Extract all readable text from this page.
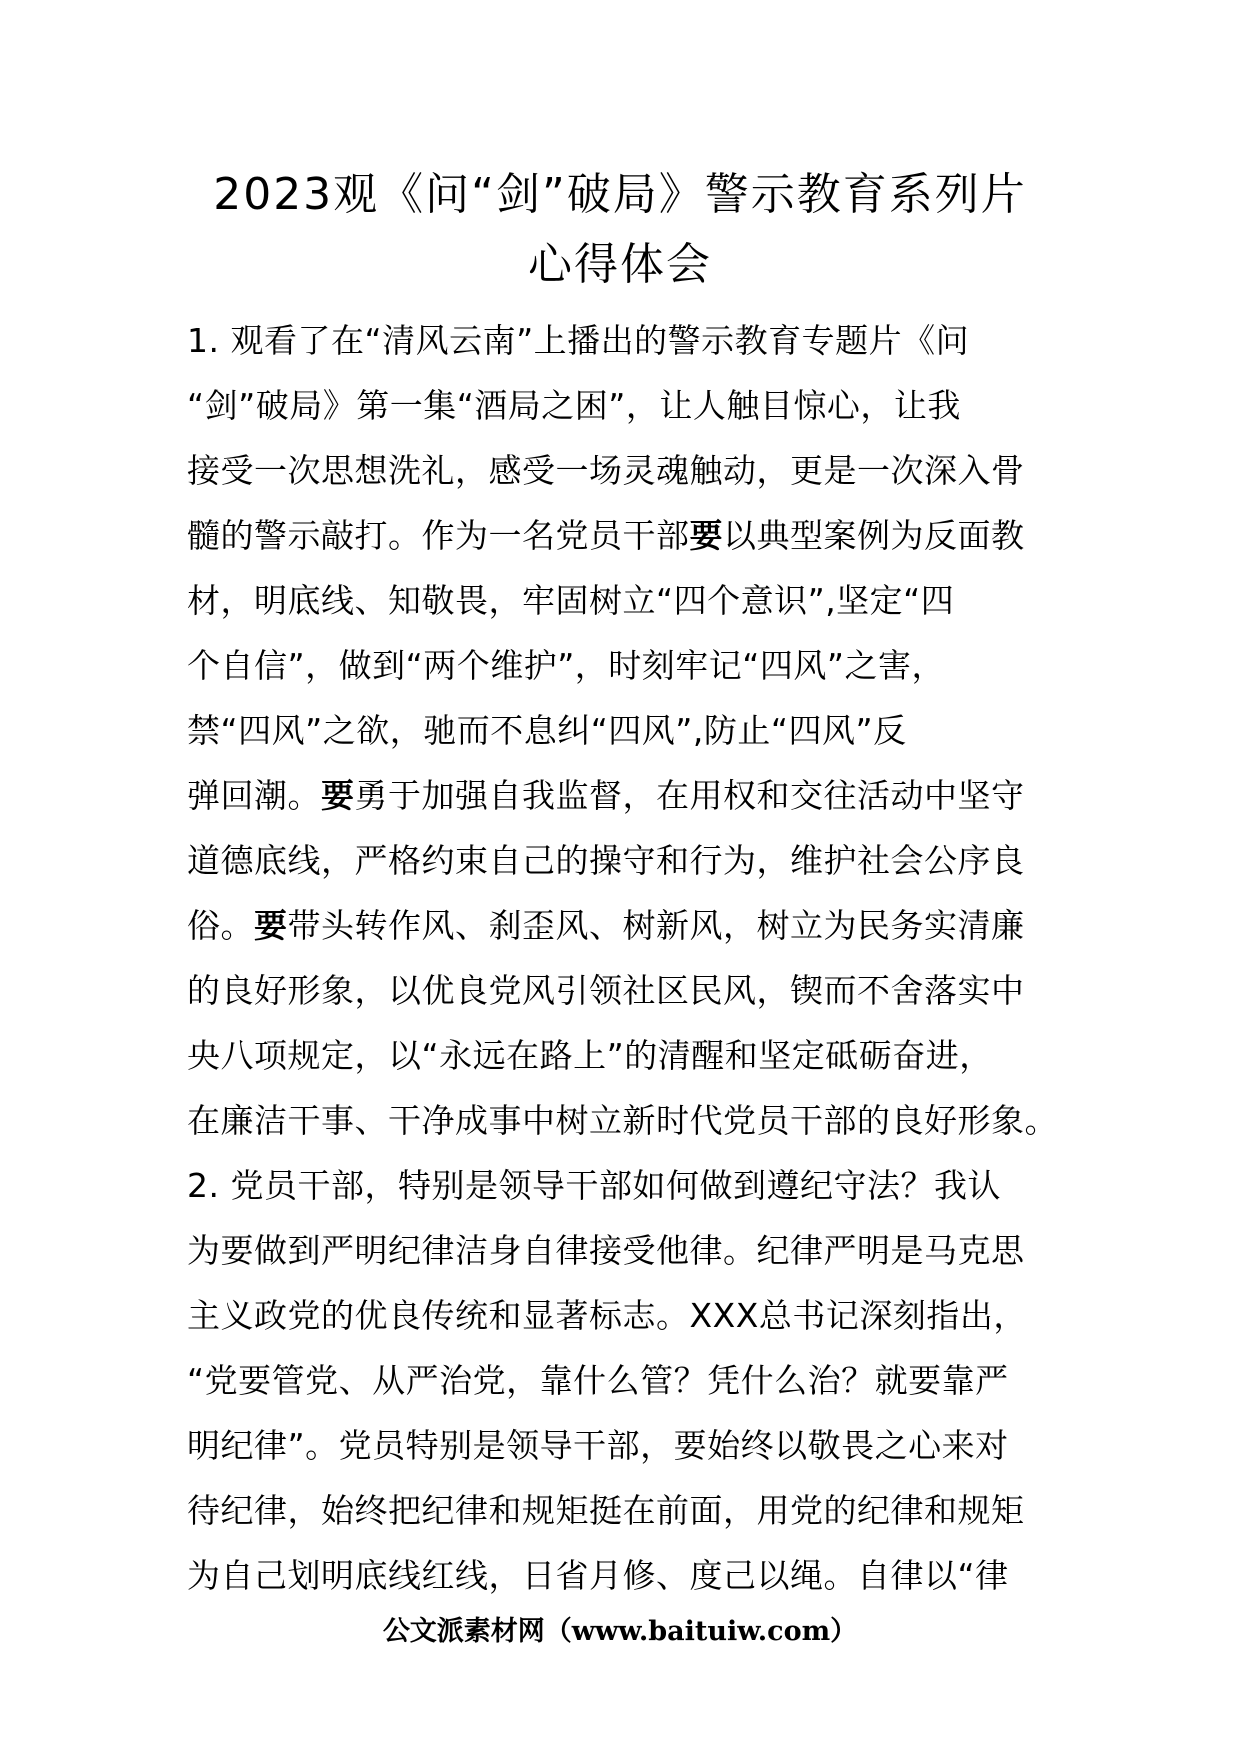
2023观《问“剑”破局》警示教育系列片
心得体会
1. 观看了在“清风云南”上播出的警示教育专题片《问
“剑”破局》第一集“酒局之困”，让人触目惊心，让我
接受一次思想洗礼，感受一场灵魂触动，更是一次深入骨
髓的警示敲打。作为一名党员干部要以典型案例为反面教
材，明底线、知敬畏，牢固树立“四个意识”,坚定“四
个自信”，做到“两个维护”，时刻牢记“四风”之害，
禁“四风”之欲，驰而不息纠“四风”,防止“四风”反
弹回潮。要勇于加强自我监督，在用权和交往活动中坚守
道德底线，严格约束自己的操守和行为，维护社会公序良
俗。要带头转作风、刹歪风、树新风，树立为民务实清廉
的良好形象，以优良党风引领社区民风，锲而不舍落实中
央八项规定，以“永远在路上”的清醒和坚定砥砺奋进，
在廉洁干事、干净成事中树立新时代党员干部的良好形象。
2. 党员干部，特别是领导干部如何做到遵纪守法？我认
为要做到严明纪律洁身自律接受他律。纪律严明是马克思
主义政党的优良传统和显著标志。XXX总书记深刻指出，
“党要管党、从严治党，靠什么管？凭什么治？就要靠严
明纪律”。党员特别是领导干部，要始终以敬畏之心来对
待纪律，始终把纪律和规矩挺在前面，用党的纪律和规矩
为自己划明底线红线，日省月修、度己以绳。自律以“律
公文派素材网（www.baituiw.com）
